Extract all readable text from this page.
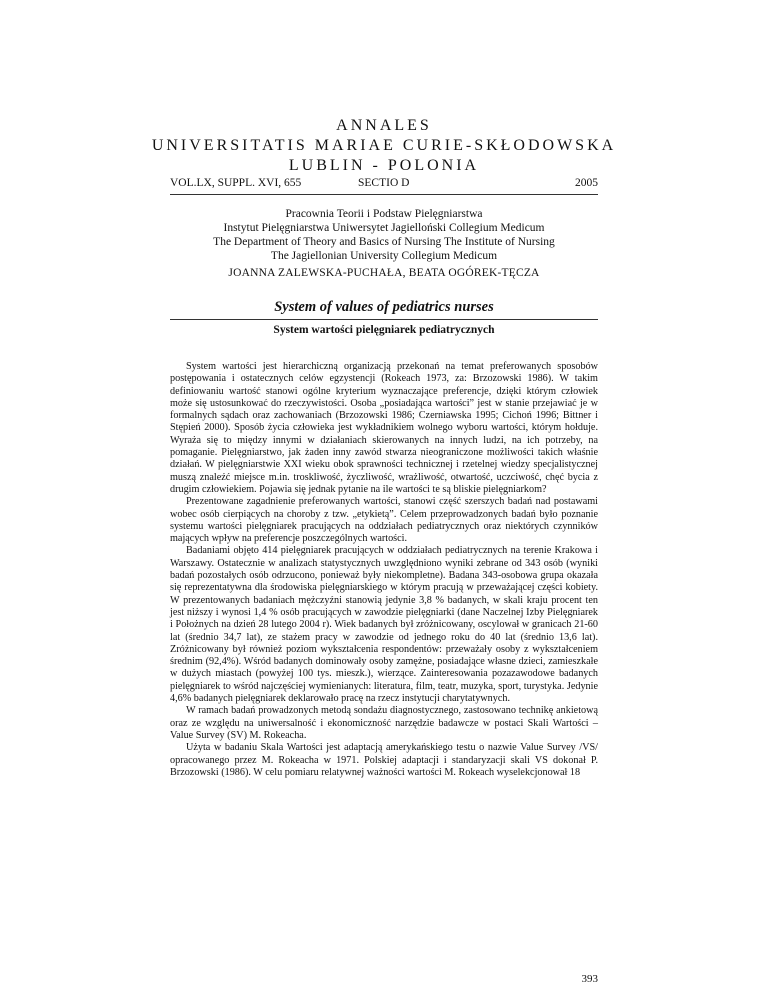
ANNALES
UNIVERSITATIS MARIAE CURIE-SKŁODOWSKA
LUBLIN - POLONIA
VOL.LX, SUPPL. XVI, 655	SECTIO D	2005
Pracownia Teorii i Podstaw Pielęgniarstwa
Instytut Pielęgniarstwa Uniwersytet Jagielloński Collegium Medicum
The Department of Theory and Basics of Nursing The Institute of Nursing
The Jagiellonian University Collegium Medicum
JOANNA ZALEWSKA-PUCHAŁA, BEATA OGÓREK-TĘCZA
System of values of pediatrics nurses
System wartości pielęgniarek pediatrycznych

System wartości jest hierarchiczną organizacją przekonań na temat preferowanych sposobów postępowania i ostatecznych celów egzystencji (Rokeach 1973, za: Brzozowski 1986). W takim definiowaniu wartość stanowi ogólne kryterium wyznaczające preferencje, dzięki którym człowiek może się ustosunkować do rzeczywistości. Osoba „posiadająca wartości” jest w stanie przejawiać je w formalnych sądach oraz zachowaniach (Brzozowski 1986; Czerniawska 1995; Cichoń 1996; Bittner i Stępień 2000). Sposób życia człowieka jest wykładnikiem wolnego wyboru wartości, którym hołduje. Wyraża się to między innymi w działaniach skierowanych na innych ludzi, na ich potrzeby, na pomaganie. Pielęgniarstwo, jak żaden inny zawód stwarza nieograniczone możliwości takich właśnie działań. W pielęgniarstwie XXI wieku obok sprawności technicznej i rzetelnej wiedzy specjalistycznej muszą znaleźć miejsce m.in. troskliwość, życzliwość, wrażliwość, otwartość, uczciwość, chęć bycia z drugim człowiekiem. Pojawia się jednak pytanie na ile wartości te są bliskie pielęgniarkom?

Prezentowane zagadnienie preferowanych wartości, stanowi część szerszych badań nad postawami wobec osób cierpiących na choroby z tzw. „etykietą”. Celem przeprowadzonych badań było poznanie systemu wartości pielęgniarek pracujących na oddziałach pediatrycznych oraz niektórych czynników mających wpływ na preferencje poszczególnych wartości.

Badaniami objęto 414 pielęgniarek pracujących w oddziałach pediatrycznych na terenie Krakowa i Warszawy. Ostatecznie w analizach statystycznych uwzględniono wyniki zebrane od 343 osób (wyniki badań pozostałych osób odrzucono, ponieważ były niekompletne). Badana 343-osobowa grupa okazała się reprezentatywna dla środowiska pielęgniarskiego w którym pracują w przeważającej części kobiety. W prezentowanych badaniach mężczyźni stanowią jedynie 3,8 % badanych, w skali kraju procent ten jest niższy i wynosi 1,4 % osób pracujących w zawodzie pielęgniarki (dane Naczelnej Izby Pielęgniarek i Położnych na dzień 28 lutego 2004 r). Wiek badanych był zróżnicowany, oscylował w granicach 21-60 lat (średnio 34,7 lat), ze stażem pracy w zawodzie od jednego roku do 40 lat (średnio 13,6 lat). Zróżnicowany był również poziom wykształcenia respondentów: przeważały osoby z wykształceniem średnim (92,4%). Wśród badanych dominowały osoby zamężne, posiadające własne dzieci, zamieszkałe w dużych miastach (powyżej 100 tys. mieszk.), wierzące. Zainteresowania pozazawodowe badanych pielęgniarek to wśród najczęściej wymienianych: literatura, film, teatr, muzyka, sport, turystyka. Jedynie 4,6% badanych pielęgniarek deklarowało pracę na rzecz instytucji charytatywnych.

W ramach badań prowadzonych metodą sondażu diagnostycznego, zastosowano technikę ankietową oraz ze względu na uniwersalność i ekonomiczność narzędzie badawcze w postaci Skali Wartości – Value Survey (SV) M. Rokeacha.

Użyta w badaniu Skala Wartości jest adaptacją amerykańskiego testu o nazwie Value Survey /VS/ opracowanego przez M. Rokeacha w 1971. Polskiej adaptacji i standaryzacji skali VS dokonał P. Brzozowski (1986). W celu pomiaru relatywnej ważności wartości M. Rokeach wyselekcjonował 18

393
